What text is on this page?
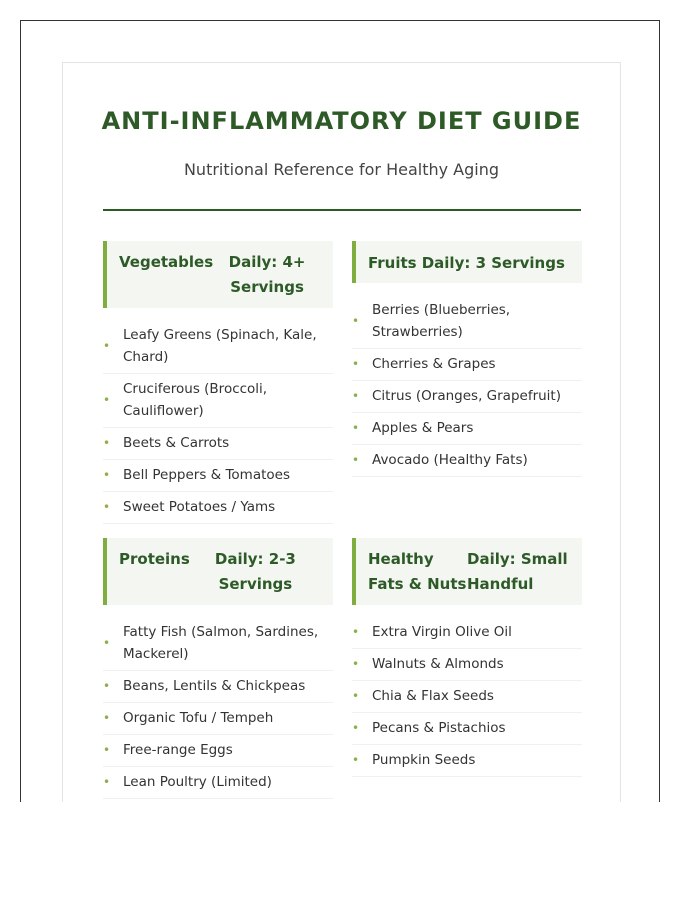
ANTI-INFLAMMATORY DIET GUIDE

Nutritional Reference for Healthy Aging

Vegetables	Daily: 4+ Servings
•
Leafy Greens (Spinach, Kale, Chard)
•
Cruciferous (Broccoli, Cauliflower)
• Beets & Carrots
• Bell Peppers & Tomatoes
• Sweet Potatoes / Yams
Fruits Daily: 3 Servings
•
Berries (Blueberries, Strawberries)
• Cherries & Grapes
• Citrus (Oranges, Grapefruit)
• Apples & Pears
• Avocado (Healthy Fats)
Proteins	Daily: 2-3 Servings
•
Fatty Fish (Salmon, Sardines, Mackerel)
• Beans, Lentils & Chickpeas
• Organic Tofu / Tempeh
• Free-range Eggs
• Lean Poultry (Limited)
Healthy Fats & Nuts
Daily: Small Handful
• Extra Virgin Olive Oil
• Walnuts & Almonds
• Chia & Flax Seeds
• Pecans & Pistachios
• Pumpkin Seeds
